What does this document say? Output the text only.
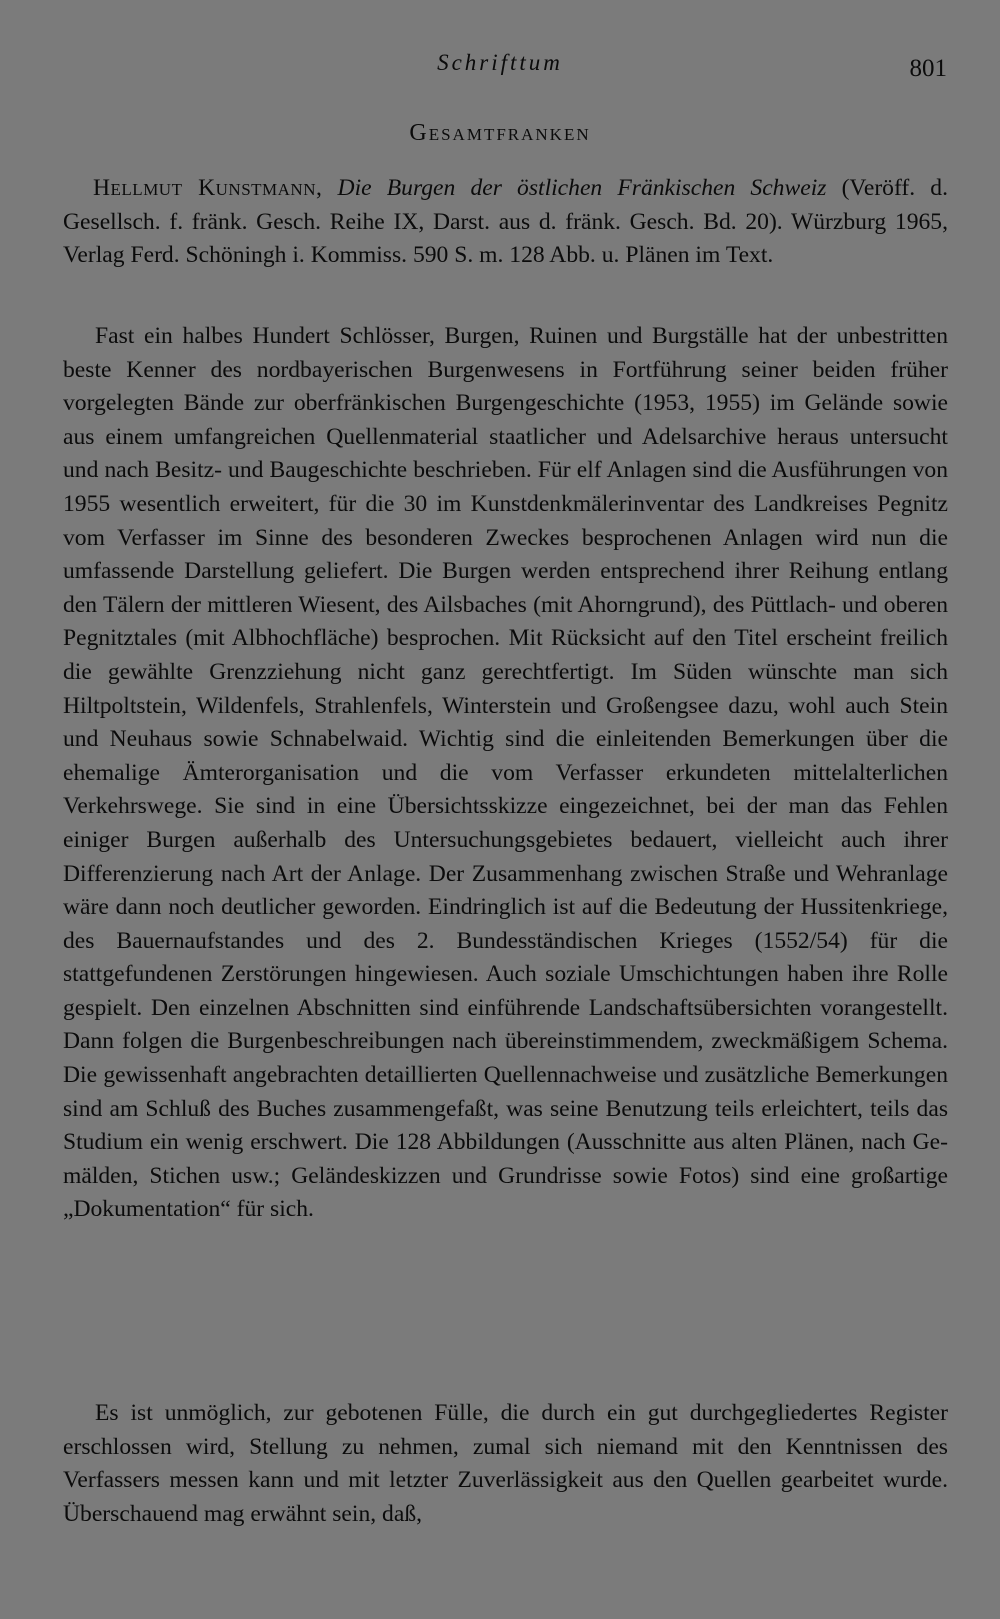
Schrifttum	801
Gesamtfranken
Hellmut Kunstmann, Die Burgen der östlichen Fränkischen Schweiz (Veröff. d. Gesellsch. f. fränk. Gesch. Reihe IX, Darst. aus d. fränk. Gesch. Bd. 20). Würzburg 1965, Verlag Ferd. Schöningh i. Kommiss. 590 S. m. 128 Abb. u. Plänen im Text.

Fast ein halbes Hundert Schlösser, Burgen, Ruinen und Burgställe hat der unbestritten beste Kenner des nordbayerischen Burgenwesens in Fortführung seiner beiden früher vorgelegten Bände zur oberfränkischen Burgengeschichte (1953, 1955) im Gelände sowie aus einem umfangreichen Quellenmaterial staatlicher und Adelsarchive heraus untersucht und nach Besitz- und Baugeschichte beschrieben. Für elf Anlagen sind die Ausführungen von 1955 wesentlich erweitert, für die 30 im Kunstdenkmälerinventar des Landkreises Pegnitz vom Verfasser im Sinne des besonderen Zweckes besprochenen Anlagen wird nun die umfassende Darstellung geliefert. Die Burgen werden entsprechend ihrer Reihung entlang den Tälern der mittleren Wiesent, des Ailsbaches (mit Ahorngrund), des Püttlach- und oberen Pegnitztales (mit Albhochfläche) besprochen. Mit Rücksicht auf den Titel erscheint freilich die gewählte Grenzziehung nicht ganz gerechtfertigt. Im Süden wünschte man sich Hiltpoltstein, Wildenfels, Strahlenfels, Winterstein und Großengsee dazu, wohl auch Stein und Neuhaus sowie Schnabelwaid. Wichtig sind die einleitenden Bemerkungen über die ehemalige Ämterorganisation und die vom Verfasser erkundeten mittelalterlichen Verkehrswege. Sie sind in eine Übersichtsskizze eingezeichnet, bei der man das Fehlen einiger Burgen außerhalb des Untersuchungsgebietes bedauert, vielleicht auch ihrer Differenzierung nach Art der Anlage. Der Zusammenhang zwischen Straße und Wehranlage wäre dann noch deutlicher geworden. Eindringlich ist auf die Bedeutung der Hussitenkriege, des Bauernaufstandes und des 2. Bundesständischen Krieges (1552/54) für die stattgefundenen Zerstörungen hingewiesen. Auch soziale Umschichtungen haben ihre Rolle gespielt. Den einzelnen Abschnitten sind einführende Landschaftsübersichten vorangestellt. Dann folgen die Burgenbeschreibungen nach übereinstimmendem, zweckmäßigem Schema. Die gewissenhaft angebrachten detaillierten Quellennachweise und zusätzliche Bemerkungen sind am Schluß des Buches zusammengefaßt, was seine Benutzung teils erleichtert, teils das Studium ein wenig erschwert. Die 128 Abbildungen (Ausschnitte aus alten Plänen, nach Gemälden, Stichen usw.; Geländeskizzen und Grundrisse sowie Fotos) sind eine großartige „Dokumentation“ für sich.

Es ist unmöglich, zur gebotenen Fülle, die durch ein gut durchgegliedertes Register erschlossen wird, Stellung zu nehmen, zumal sich niemand mit den Kenntnissen des Verfassers messen kann und mit letzter Zuverlässigkeit aus den Quellen gearbeitet wurde. Überschauend mag erwähnt sein, daß,
